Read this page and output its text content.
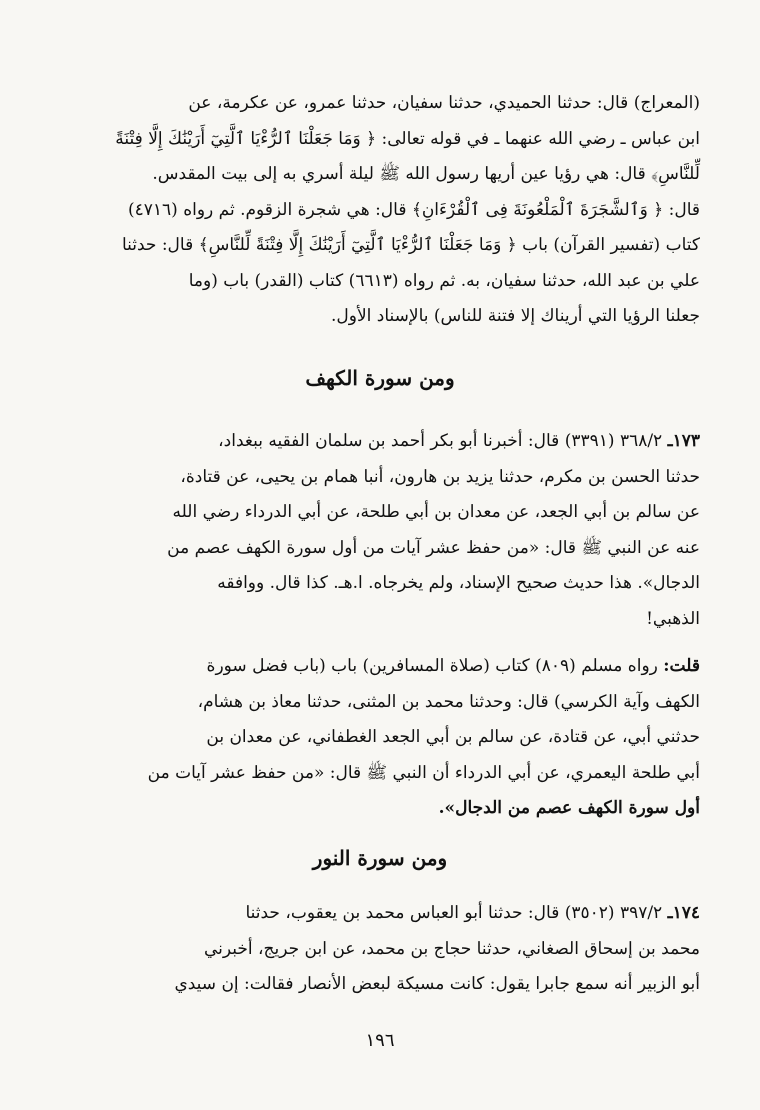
(المعراج) قال: حدثنا الحميدي، حدثنا سفيان، حدثنا عمرو، عن عكرمة، عن
ابن عباس ـ رضي الله عنهما ـ في قوله تعالى: ﴿ وَمَا جَعَلْنَا ٱلرُّءْيَا ٱلَّتِيٓ أَرَيْنَٰكَ إِلَّا فِتْنَةً
لِّلنَّاسِ﴾ قال: هي رؤيا عين أريها رسول الله ﷺ ليلة أسري به إلى بيت المقدس.
قال: ﴿ وَٱلشَّجَرَةَ ٱلْمَلْعُونَةَ فِى ٱلْقُرْءَانِ﴾ قال: هي شجرة الزقوم. ثم رواه (٤٧١٦)
كتاب (تفسير القرآن) باب ﴿ وَمَا جَعَلْنَا ٱلرُّءْيَا ٱلَّتِيٓ أَرَيْنَٰكَ إِلَّا فِتْنَةً لِّلنَّاسِ﴾ قال: حدثنا
علي بن عبد الله، حدثنا سفيان، به. ثم رواه (٦٦١٣) كتاب (القدر) باب (وما
جعلنا الرؤيا التي أريناك إلا فتنة للناس) بالإسناد الأول.

ومن سورة الكهف

١٧٣ـ ٣٦٨/٢ (٣٣٩١) قال: أخبرنا أبو بكر أحمد بن سلمان الفقيه ببغداد،
حدثنا الحسن بن مكرم، حدثنا يزيد بن هارون، أنبا همام بن يحيى، عن قتادة،
عن سالم بن أبي الجعد، عن معدان بن أبي طلحة، عن أبي الدرداء رضي الله
عنه عن النبي ﷺ قال: «من حفظ عشر آيات من أول سورة الكهف عصم من
الدجال». هذا حديث صحيح الإسناد، ولم يخرجاه. ا.هـ. كذا قال. ووافقه
الذهبي!

قلت: رواه مسلم (٨٠٩) كتاب (صلاة المسافرين) باب (باب فضل سورة
الكهف وآية الكرسي) قال: وحدثنا محمد بن المثنى، حدثنا معاذ بن هشام،
حدثني أبي، عن قتادة، عن سالم بن أبي الجعد الغطفاني، عن معدان بن
أبي طلحة اليعمري، عن أبي الدرداء أن النبي ﷺ قال: «من حفظ عشر آيات من
أول سورة الكهف عصم من الدجال».

ومن سورة النور

١٧٤ـ ٣٩٧/٢ (٣٥٠٢) قال: حدثنا أبو العباس محمد بن يعقوب، حدثنا
محمد بن إسحاق الصغاني، حدثنا حجاج بن محمد، عن ابن جريج، أخبرني
أبو الزبير أنه سمع جابرا يقول: كانت مسيكة لبعض الأنصار فقالت: إن سيدي

١٩٦
